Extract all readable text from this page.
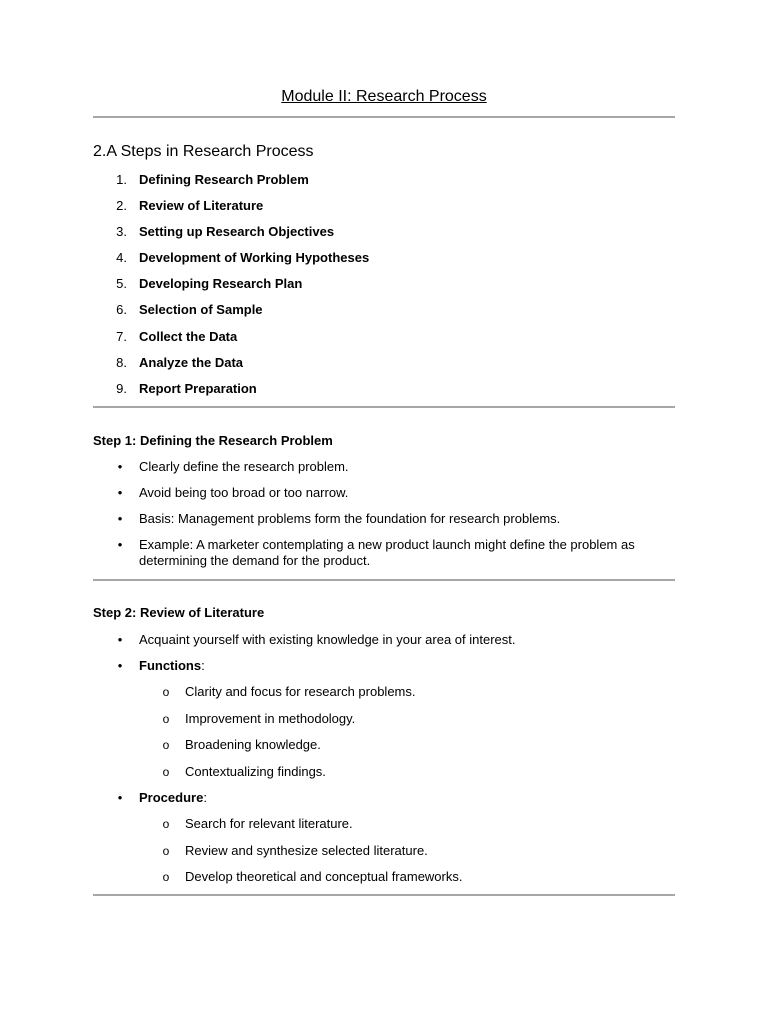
Module II: Research Process
2.A Steps in Research Process
1. Defining Research Problem
2. Review of Literature
3. Setting up Research Objectives
4. Development of Working Hypotheses
5. Developing Research Plan
6. Selection of Sample
7. Collect the Data
8. Analyze the Data
9. Report Preparation
Step 1: Defining the Research Problem
• Clearly define the research problem.
• Avoid being too broad or too narrow.
• Basis: Management problems form the foundation for research problems.
• Example: A marketer contemplating a new product launch might define the problem as determining the demand for the product.
Step 2: Review of Literature
• Acquaint yourself with existing knowledge in your area of interest.
• Functions:
o Clarity and focus for research problems.
o Improvement in methodology.
o Broadening knowledge.
o Contextualizing findings.
• Procedure:
o Search for relevant literature.
o Review and synthesize selected literature.
o Develop theoretical and conceptual frameworks.
